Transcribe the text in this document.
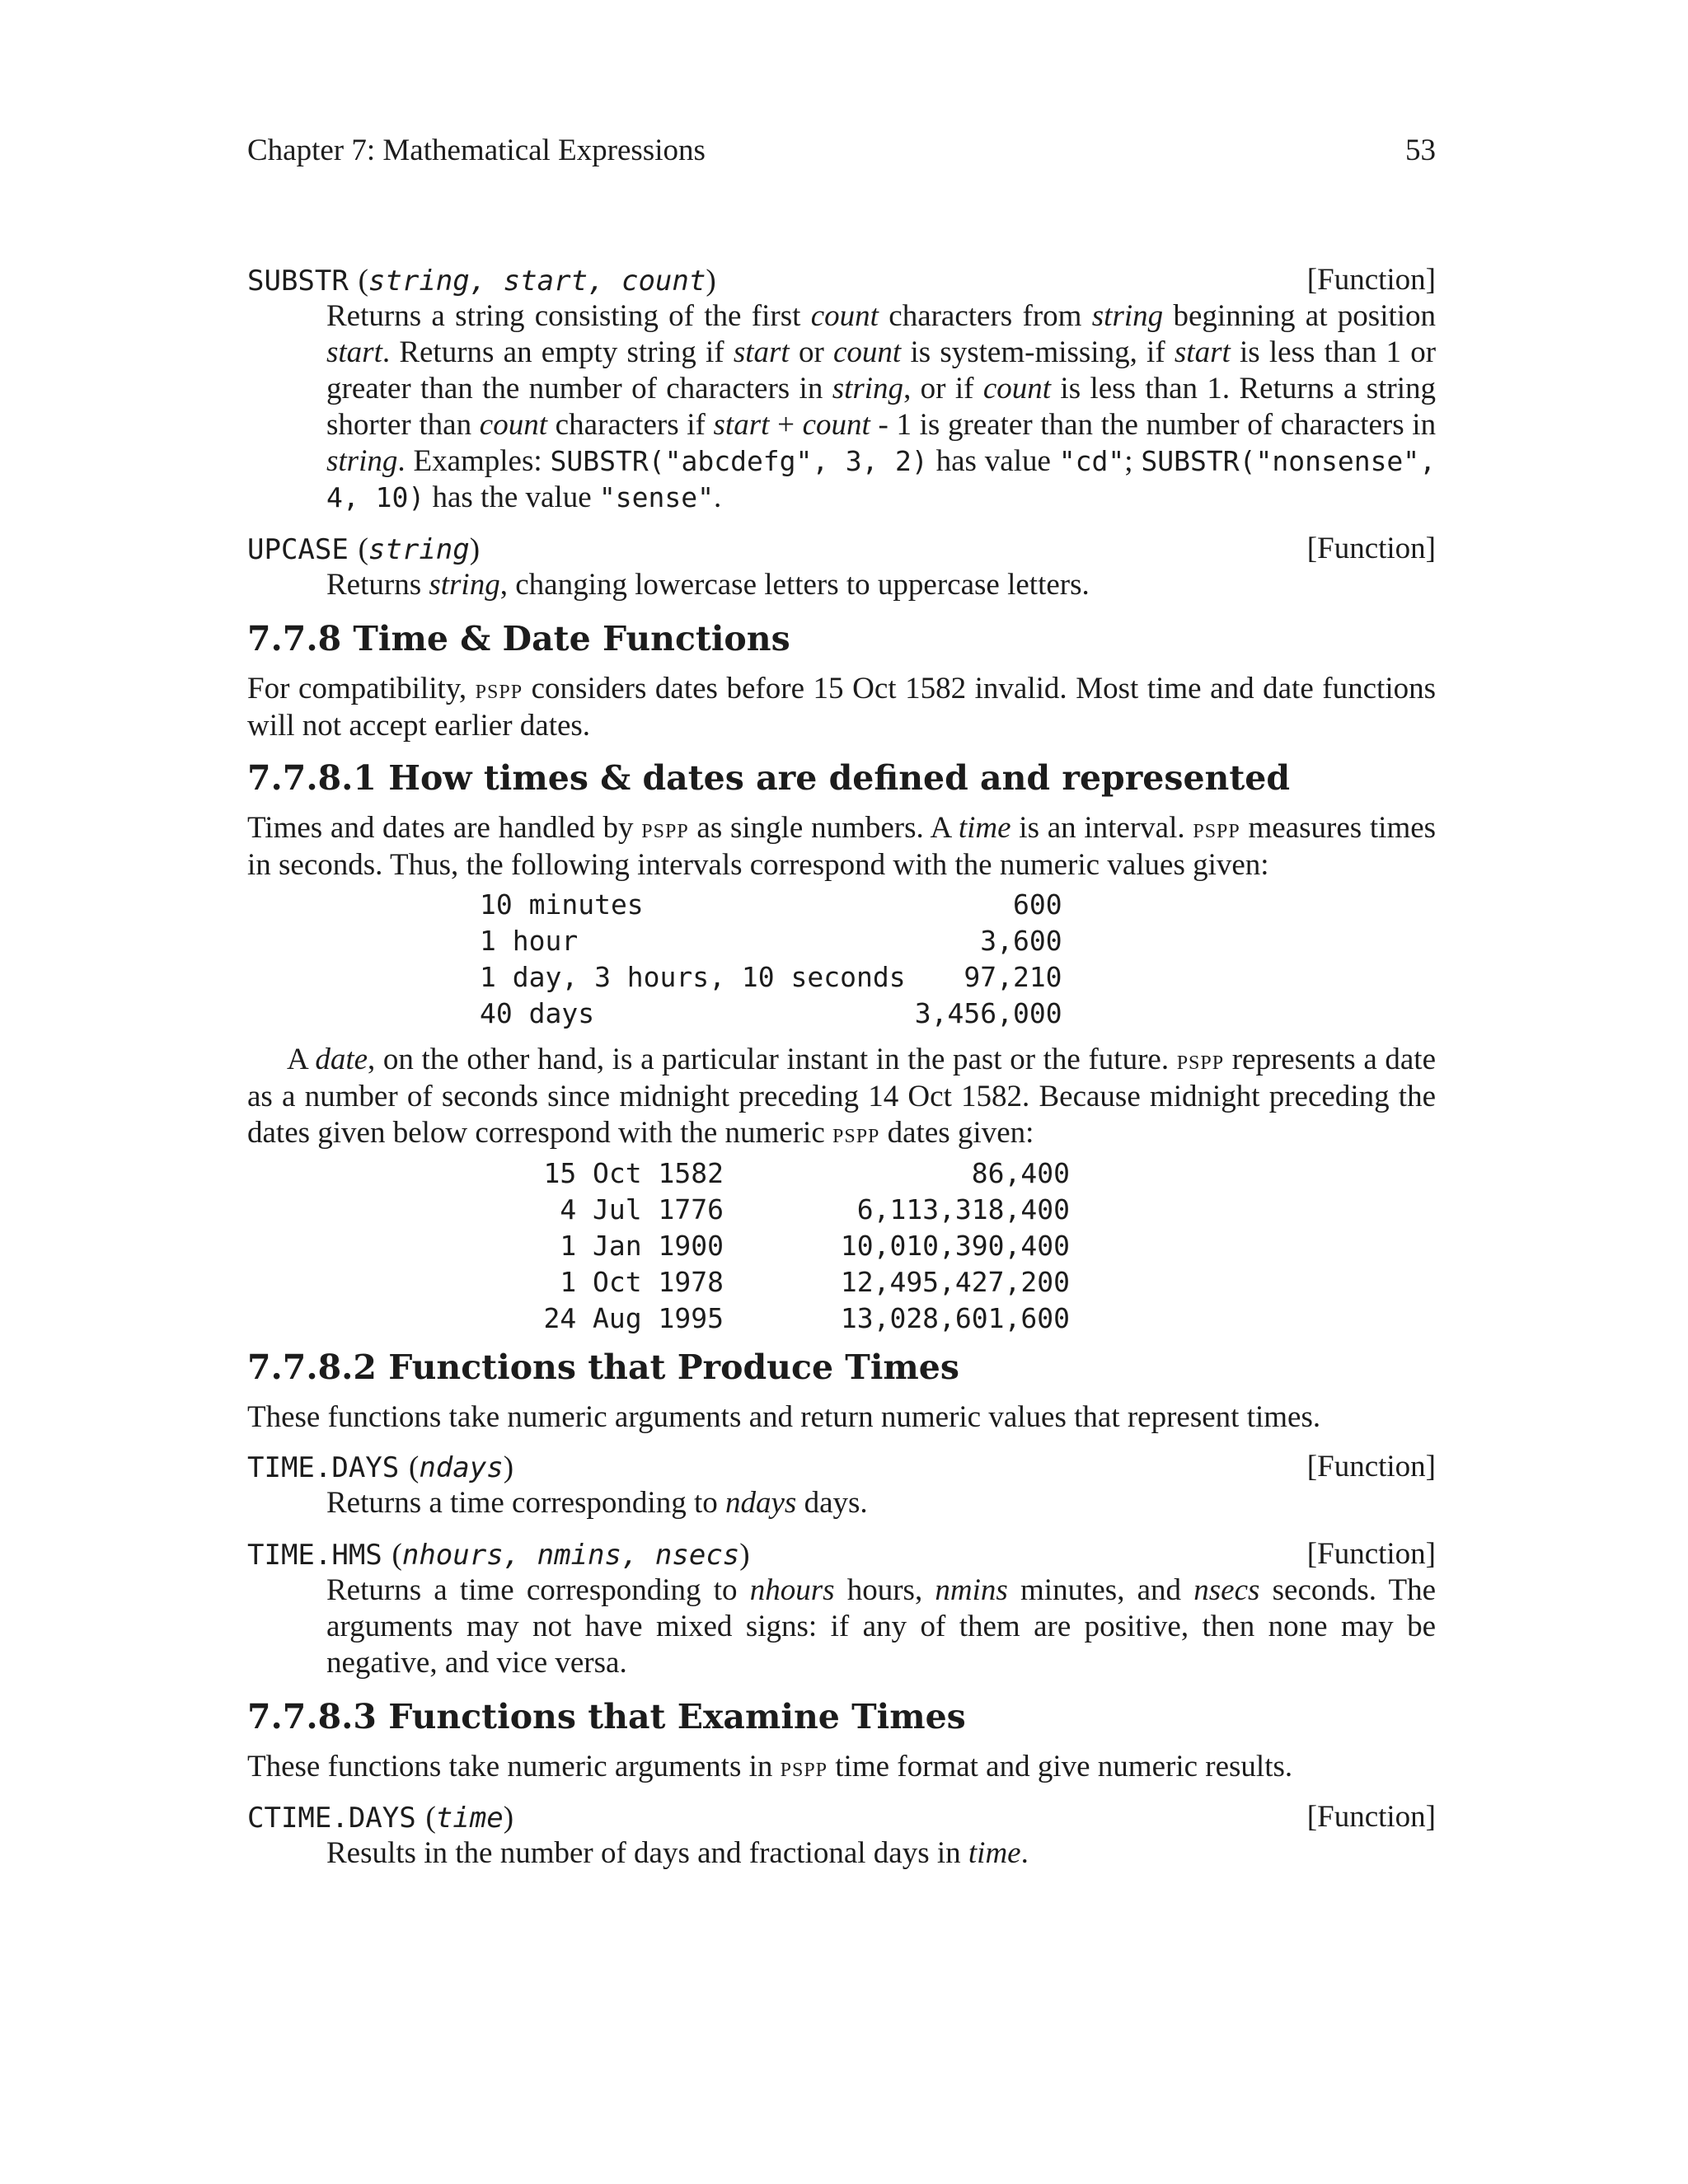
Chapter 7: Mathematical Expressions	53
SUBSTR (string, start, count)	[Function]
Returns a string consisting of the first count characters from string beginning at position start. Returns an empty string if start or count is system-missing, if start is less than 1 or greater than the number of characters in string, or if count is less than 1. Returns a string shorter than count characters if start + count - 1 is greater than the number of characters in string. Examples: SUBSTR("abcdefg", 3, 2) has value "cd"; SUBSTR("nonsense", 4, 10) has the value "sense".
UPCASE (string)	[Function]
Returns string, changing lowercase letters to uppercase letters.
7.7.8 Time & Date Functions

For compatibility, pspp considers dates before 15 Oct 1582 invalid. Most time and date functions will not accept earlier dates.

7.7.8.1 How times & dates are defined and represented

Times and dates are handled by pspp as single numbers. A time is an interval. pspp measures times in seconds. Thus, the following intervals correspond with the numeric values given:

10 minutes	600
1 hour	3,600
1 day, 3 hours, 10 seconds	97,210
40 days	3,456,000

A date, on the other hand, is a particular instant in the past or the future. pspp represents a date as a number of seconds since midnight preceding 14 Oct 1582. Because midnight preceding the dates given below correspond with the numeric pspp dates given:

15 Oct 1582	86,400
4 Jul 1776	6,113,318,400
1 Jan 1900	10,010,390,400
1 Oct 1978	12,495,427,200
24 Aug 1995	13,028,601,600
7.7.8.2 Functions that Produce Times

These functions take numeric arguments and return numeric values that represent times.

TIME.DAYS (ndays)	[Function]
Returns a time corresponding to ndays days.
TIME.HMS (nhours, nmins, nsecs)	[Function]
Returns a time corresponding to nhours hours, nmins minutes, and nsecs seconds. The arguments may not have mixed signs: if any of them are positive, then none may be negative, and vice versa.
7.7.8.3 Functions that Examine Times

These functions take numeric arguments in pspp time format and give numeric results.

CTIME.DAYS (time)	[Function]
Results in the number of days and fractional days in time.
